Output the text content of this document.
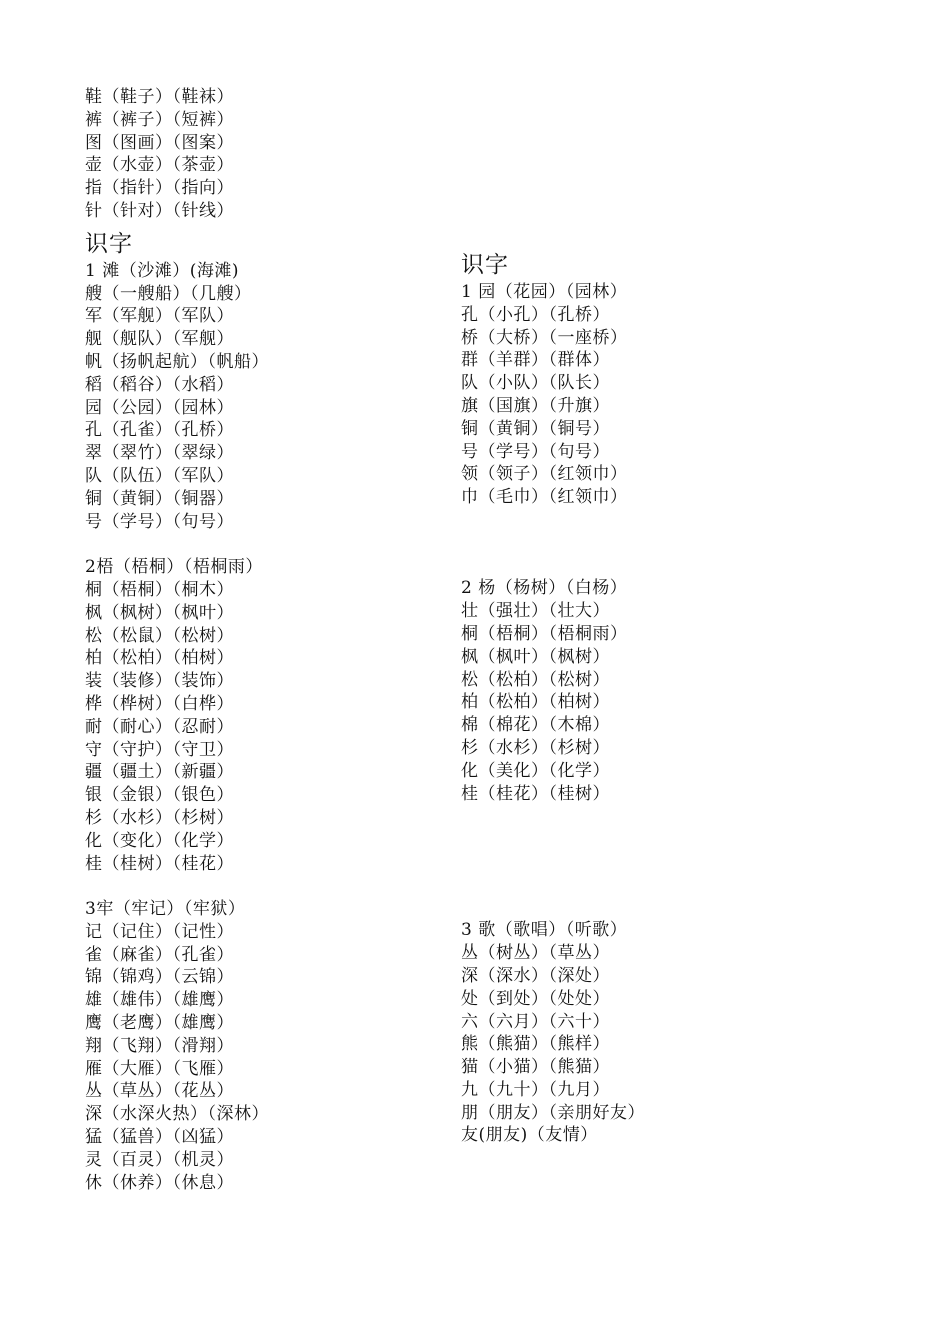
鞋（鞋子）（鞋袜）
裤（裤子）（短裤）
图（图画）（图案）
壶（水壶）（茶壶）
指（指针）（指向）
针（针对）（针线）
识字
1 滩（沙滩）(海滩)
艘（一艘船）（几艘）
军（军舰）（军队）
舰（舰队）（军舰）
帆（扬帆起航）（帆船）
稻（稻谷）（水稻）
园（公园）（园林）
孔（孔雀）（孔桥）
翠（翠竹）（翠绿）
队（队伍）（军队）
铜（黄铜）（铜器）
号（学号）（句号）
2梧（梧桐）（梧桐雨）
桐（梧桐）（桐木）
枫（枫树）（枫叶）
松（松鼠）（松树）
柏（松柏）（柏树）
装（装修）（装饰）
桦（桦树）（白桦）
耐（耐心）（忍耐）
守（守护）（守卫）
疆（疆土）（新疆）
银（金银）（银色）
杉（水杉）（杉树）
化（变化）（化学）
桂（桂树）（桂花）
3牢（牢记）（牢狱）
记（记住）（记性）
雀（麻雀）（孔雀）
锦（锦鸡）（云锦）
雄（雄伟）（雄鹰）
鹰（老鹰）（雄鹰）
翔（飞翔）（滑翔）
雁（大雁）（飞雁）
丛（草丛）（花丛）
深（水深火热）（深林）
猛（猛兽）（凶猛）
灵（百灵）（机灵）
休（休养）（休息）
识字
1 园（花园）（园林）
孔（小孔）（孔桥）
桥（大桥）（一座桥）
群（羊群）（群体）
队（小队）（队长）
旗（国旗）（升旗）
铜（黄铜）（铜号）
号（学号）（句号）
领（领子）（红领巾）
巾（毛巾）（红领巾）
2 杨（杨树）（白杨）
壮（强壮）（壮大）
桐（梧桐）（梧桐雨）
枫（枫叶）（枫树）
松（松柏）（松树）
柏（松柏）（柏树）
棉（棉花）（木棉）
杉（水杉）（杉树）
化（美化）（化学）
桂（桂花）（桂树）
3 歌（歌唱）（听歌）
丛（树丛）（草丛）
深（深水）（深处）
处（到处）（处处）
六（六月）（六十）
熊（熊猫）（熊样）
猫（小猫）（熊猫）
九（九十）（九月）
朋（朋友）（亲朋好友）
友(朋友)（友情）
